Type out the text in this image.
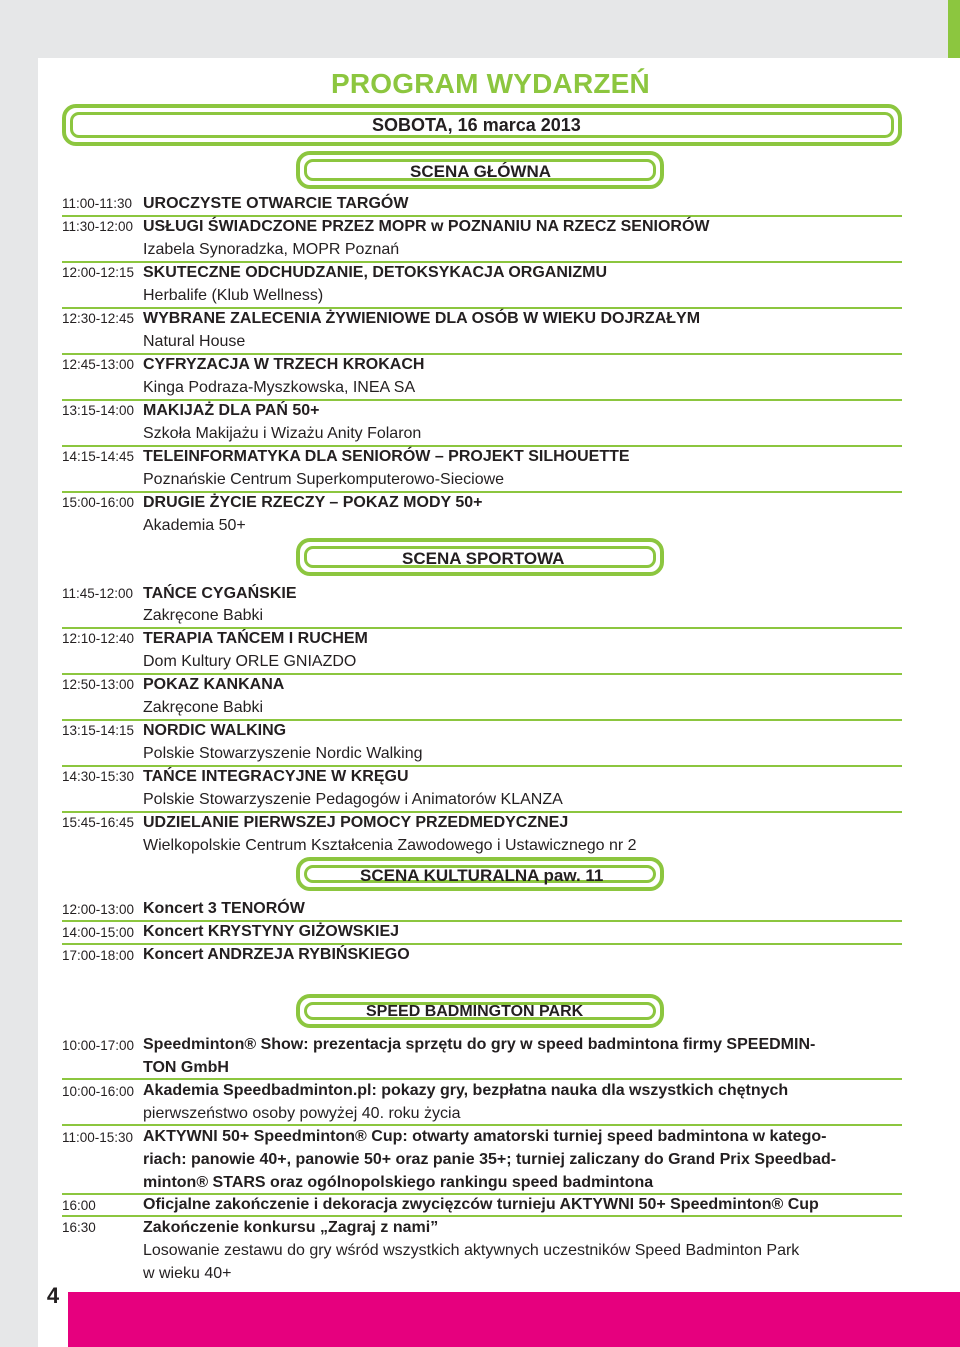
4
PROGRAM WYDARZEŃ
SOBOTA, 16 marca 2013
SCENA GŁÓWNA
11:00-11:30 UROCZYSTE OTWARCIE TARGÓW
11:30-12:00 USŁUGI ŚWIADCZONE PRZEZ MOPR w POZNANIU NA RZECZ SENIORÓW
Izabela Synoradzka, MOPR Poznań
12:00-12:15 SKUTECZNE ODCHUDZANIE, DETOKSYKACJA ORGANIZMU
Herbalife (Klub Wellness)
12:30-12:45 WYBRANE ZALECENIA ŻYWIENIOWE DLA OSÓB W WIEKU DOJRZAŁYM
Natural House
12:45-13:00 CYFRYZACJA W TRZECH KROKACH
Kinga Podraza-Myszkowska, INEA SA
13:15-14:00 MAKIJAŻ DLA PAŃ 50+
Szkoła Makijażu i Wizażu Anity Folaron
14:15-14:45 TELEINFORMATYKA DLA SENIORÓW – PROJEKT SILHOUETTE
Poznańskie Centrum Superkomputerowo-Sieciowe
15:00-16:00 DRUGIE ŻYCIE RZECZY – POKAZ MODY 50+
Akademia 50+
SCENA SPORTOWA
11:45-12:00 TAŃCE CYGAŃSKIE
Zakręcone Babki
12:10-12:40 TERAPIA TAŃCEM I RUCHEM
Dom Kultury ORLE GNIAZDO
12:50-13:00 POKAZ KANKANA
Zakręcone Babki
13:15-14:15 NORDIC WALKING
Polskie Stowarzyszenie Nordic Walking
14:30-15:30 TAŃCE INTEGRACYJNE W KRĘGU
Polskie Stowarzyszenie Pedagogów i Animatorów KLANZA
15:45-16:45 UDZIELANIE PIERWSZEJ POMOCY PRZEDMEDYCZNEJ
Wielkopolskie Centrum Kształcenia Zawodowego i Ustawicznego nr 2
SCENA KULTURALNA paw. 11
12:00-13:00 Koncert 3 TENORÓW
14:00-15:00 Koncert KRYSTYNY GIŻOWSKIEJ
17:00-18:00 Koncert ANDRZEJA RYBIŃSKIEGO
SPEED BADMINGTON PARK
10:00-17:00 Speedminton® Show: prezentacja sprzętu do gry w speed badmintona firmy SPEEDMIN-
TON GmbH
10:00-16:00 Akademia Speedbadminton.pl: pokazy gry, bezpłatna nauka dla wszystkich chętnych
pierwszeństwo osoby powyżej 40. roku życia
11:00-15:30 AKTYWNI 50+ Speedminton® Cup: otwarty amatorski turniej speed badmintona w katego-
riach: panowie 40+, panowie 50+ oraz panie 35+; turniej zaliczany do Grand Prix Speedbad-
minton® STARS oraz ogólnopolskiego rankingu speed badmintona
16:00	Oficjalne zakończenie i dekoracja zwycięzców turnieju AKTYWNI 50+ Speedminton® Cup
16:30	Zakończenie konkursu „Zagraj z nami”
Losowanie zestawu do gry wśród wszystkich aktywnych uczestników Speed Badminton Park
w wieku 40+
